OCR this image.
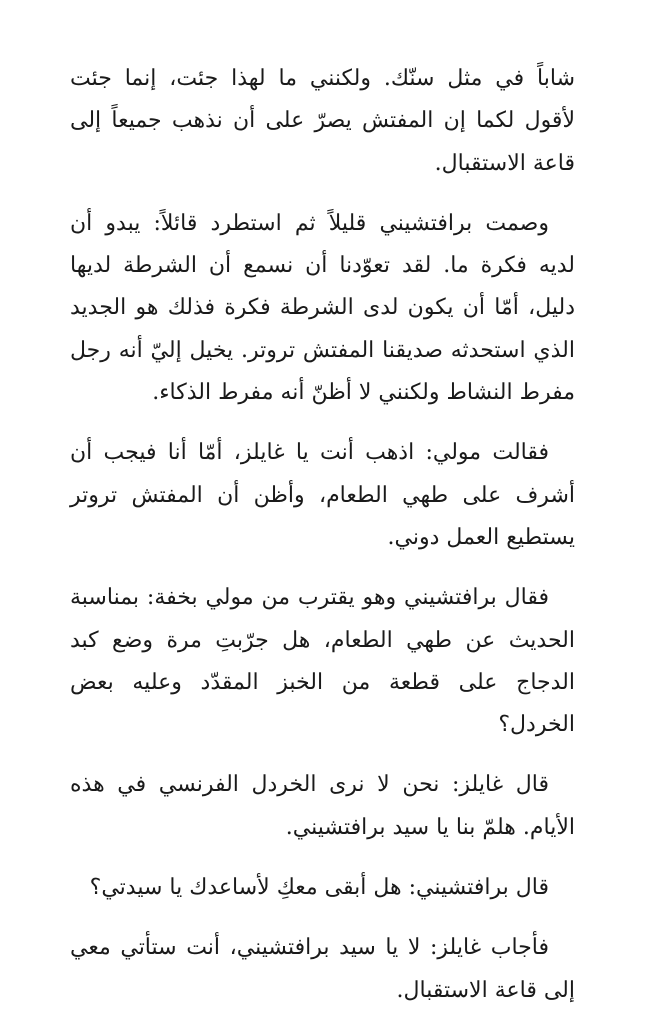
شاباً في مثل سنّك. ولكنني ما لهذا جئت، إنما جئت لأقول لكما إن المفتش يصرّ على أن نذهب جميعاً إلى قاعة الاستقبال.

وصمت برافتشيني قليلاً ثم استطرد قائلاً: يبدو أن لديه فكرة ما. لقد تعوّدنا أن نسمع أن الشرطة لديها دليل، أمّا أن يكون لدى الشرطة فكرة فذلك هو الجديد الذي استحدثه صديقنا المفتش تروتر. يخيل إليّ أنه رجل مفرط النشاط ولكنني لا أظنّ أنه مفرط الذكاء.

فقالت مولي: اذهب أنت يا غايلز، أمّا أنا فيجب أن أشرف على طهي الطعام، وأظن أن المفتش تروتر يستطيع العمل دوني.

فقال برافتشيني وهو يقترب من مولي بخفة: بمناسبة الحديث عن طهي الطعام، هل جرّبتِ مرة وضع كبد الدجاج على قطعة من الخبز المقدّد وعليه بعض الخردل؟

قال غايلز: نحن لا نرى الخردل الفرنسي في هذه الأيام. هلمّ بنا يا سيد برافتشيني.

قال برافتشيني: هل أبقى معكِ لأساعدك يا سيدتي؟

فأجاب غايلز: لا يا سيد برافتشيني، أنت ستأتي معي إلى قاعة الاستقبال.
